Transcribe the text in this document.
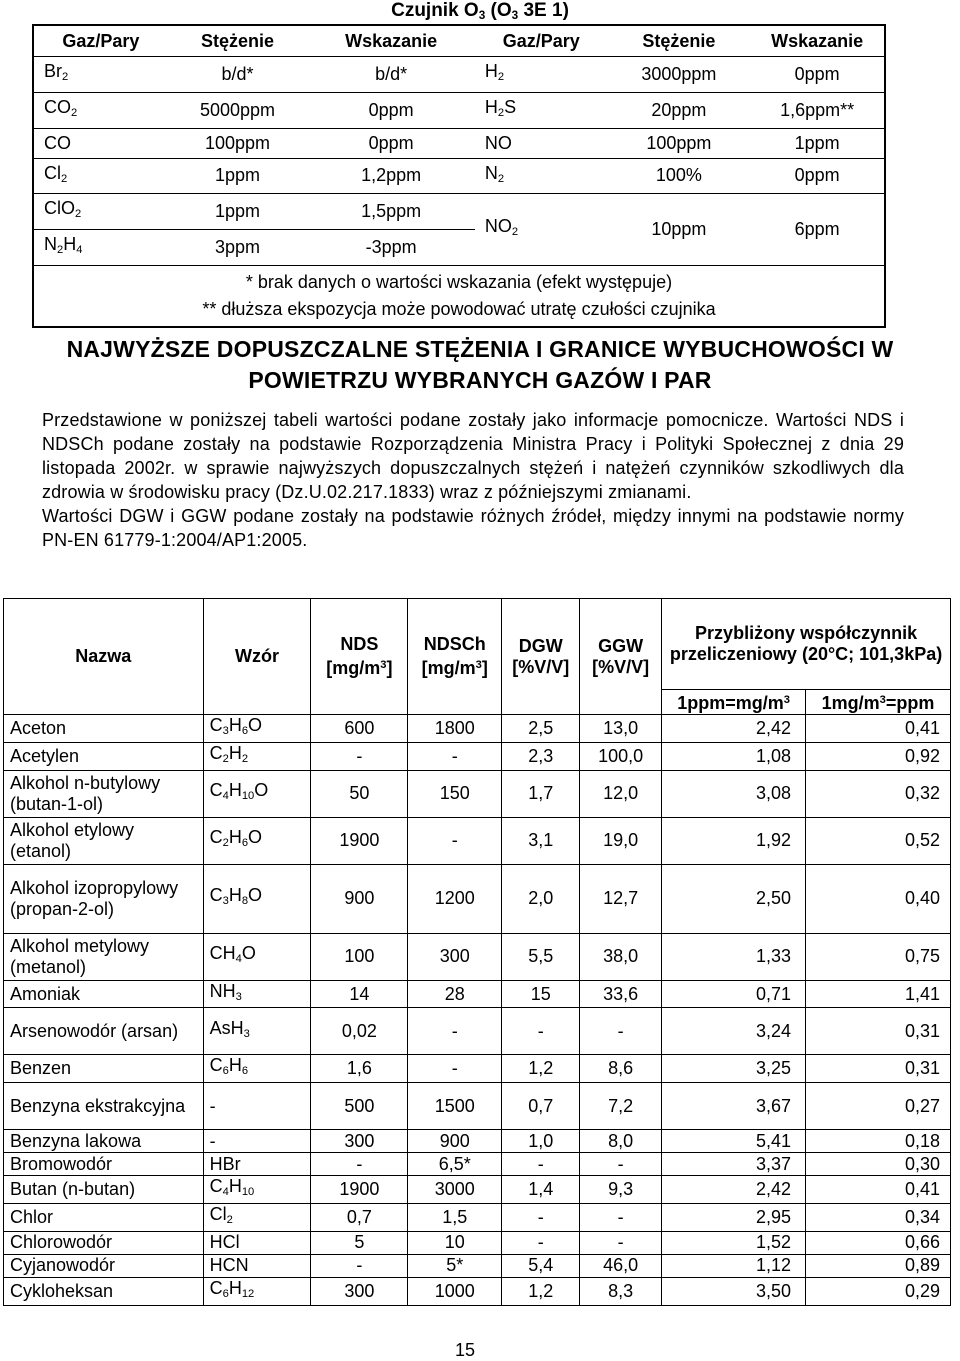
Czujnik $O_3$ ($O_3$ 3E 1)
Gaz/Pary	Stężenie	Wskazanie	Gaz/Pary	Stężenie	Wskazanie
$Br_2$	b/d*	b/d*	$H_2$	3000ppm	0ppm
$CO_2$	5000ppm	0ppm	$H_2S$	20ppm	1,6ppm**
CO	100ppm	0ppm	NO	100ppm	1ppm
$Cl_2$	1ppm	1,2ppm	$N_2$	100%	0ppm
ClO$_2$	1ppm	1,5ppm	$NO_2$	10ppm	6ppm
$N_2H_4$	3ppm	-3ppm			
* brak danych o wartości wskazania (efekt występuje)					
** dłuższa ekspozycja może powodować utratę czułości czujnika					
NAJWYŻSZE DOPUSZCZALNE STĘŻENIA I GRANICE WYBUCHOWOŚCI W POWIETRZU WYBRANYCH GAZÓW I PAR

Przedstawione w poniższej tabeli wartości podane zostały jako informacje pomocnicze. Wartości NDS i NDSCh podane zostały na podstawie Rozporządzenia Ministra Pracy i Polityki Społecznej z dnia 29 listopada 2002r. w sprawie najwyższych dopuszczalnych stężeń i natężeń czynników szkodliwych dla zdrowia w środowisku pracy (Dz.U.02.217.1833) wraz z późniejszymi zmianami.

Wartości DGW i GGW podane zostały na podstawie różnych źródeł, między innymi na podstawie normy PN-EN 61779-1:2004/AP1:2005.

Nazwa	Wzór	NDS $[mg/m^3]$	NDSCh $[mg/m^3]$	DGW [%V/V]	GGW [%V/V]	Przybliżony współczynnik przeliczeniowy (20°C; 101,3kPa)	
						$1ppm=mg/m^3$	$1mg/m^3=ppm$
Aceton	$C_3H_6O$	600	1800	2,5	13,0	2,42	0,41
Acetylen	$C_2H_2$	-	-	2,3	100,0	1,08	0,92
Alkohol n-butylowy (butan-1-ol)	$C_4H_{10}O$	50	150	1,7	12,0	3,08	0,32
Alkohol etylowy (etanol)	$C_2H_6O$	1900	-	3,1	19,0	1,92	0,52
Alkohol izopropylowy (propan-2-ol)	$C_3H_8O$	900	1200	2,0	12,7	2,50	0,40
Alkohol metylowy (metanol)	$CH_4O$	100	300	5,5	38,0	1,33	0,75
Amoniak	$NH_3$	14	28	15	33,6	0,71	1,41
Arsenowodór (arsan)	AsH$_3$	0,02	-	-	-	3,24	0,31
Benzen	$C_6H_6$	1,6	-	1,2	8,6	3,25	0,31
Benzyna ekstrakcyjna	-	500	1500	0,7	7,2	3,67	0,27
Benzyna lakowa	-	300	900	1,0	8,0	5,41	0,18
Bromowodór	HBr	-	6,5*	-	-	3,37	0,30
Butan (n-butan)	$C_4H_{10}$	1900	3000	1,4	9,3	2,42	0,41
Chlor	$Cl_2$	0,7	1,5	-	-	2,95	0,34
Chlorowodór	HCl	5	10	-	-	1,52	0,66
Cyjanowodór	HCN	-	5*	5,4	46,0	1,12	0,89
Cykloheksan	$C_6H_{12}$	300	1000	1,2	8,3	3,50	0,29
15
